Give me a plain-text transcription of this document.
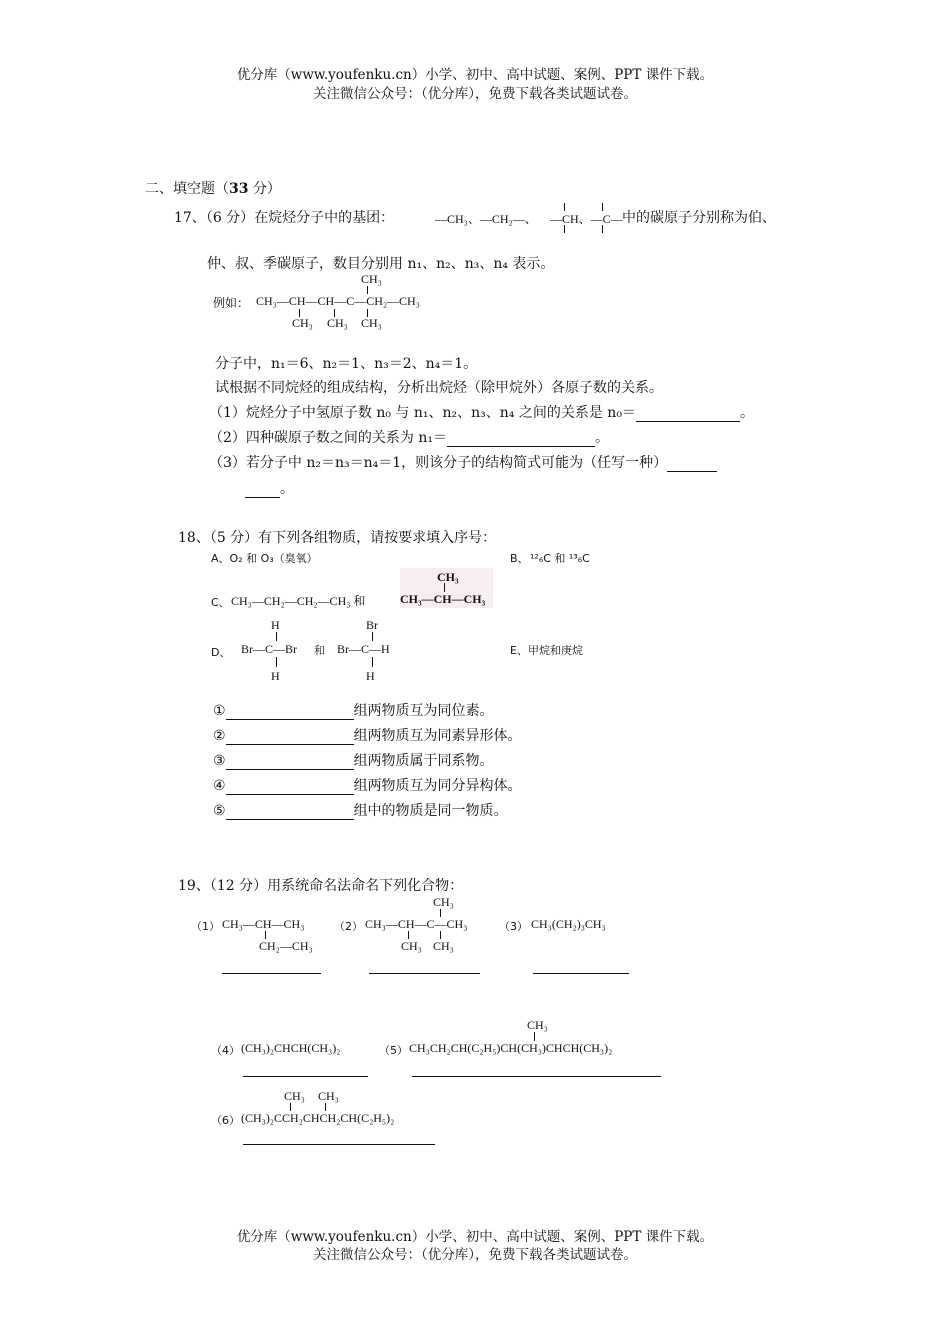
优分库（www.youfenku.cn）小学、初中、高中试题、案例、PPT 课件下载。
关注微信公众号：（优分库），免费下载各类试题试卷。
二、填空题（33 分）
17、（6 分）在烷烃分子中的基团：	—CH₃、—CH₂—、 —CH、—C— 中的碳原子分别称为伯、
仲、叔、季碳原子，数目分别用 n₁、n₂、n₃、n₄ 表示。
例如： CH₃—CH—CH—C—CH₂—CH₃
CH₃
CH₃ CH₃ CH₃
分子中，n₁＝6、n₂＝1、n₃＝2、n₄＝1。
试根据不同烷烃的组成结构，分析出烷烃（除甲烷外）各原子数的关系。
（1）烷烃分子中氢原子数 n₀ 与 n₁、n₂、n₃、n₄ 之间的关系是 n₀＝	。
（2）四种碳原子数之间的关系为 n₁＝	。
（3）若分子中 n₂＝n₃＝n₄＝1，则该分子的结构简式可能为（任写一种）
。
18、（5 分）有下列各组物质，请按要求填入序号：
A、O₂ 和 O₃（臭氧）	B、 ¹²₆C 和 ¹³₆C
C、 CH₃—CH₂—CH₂—CH₃ 和
CH₃
CH₃—CH—CH₃
D、
H
Br—C—Br
H
和
Br
Br—C—H
H
E、甲烷和庚烷
①	组两物质互为同位素。
②	组两物质互为同素异形体。
③	组两物质属于同系物。
④	组两物质互为同分异构体。
⑤	组中的物质是同一物质。
19、（12 分）用系统命名法命名下列化合物：
（1） CH₃—CH—CH₃
CH₂—CH₃
（2）
CH₃
CH₃—CH—C—CH₃
CH₃ CH₃
（3） CH₃(CH₂)₃CH₃
（4） (CH₃)₂CHCH(CH₃)₂	（5）
CH₃
CH₃CH₂CH(C₂H₅)CH(CH₃)CHCH(CH₃)₂
CH₃ CH₃
（6） (CH₃)₂CCH₂CHCH₂CH(C₂H₅)₂
优分库（www.youfenku.cn）小学、初中、高中试题、案例、PPT 课件下载。
关注微信公众号：（优分库），免费下载各类试题试卷。
